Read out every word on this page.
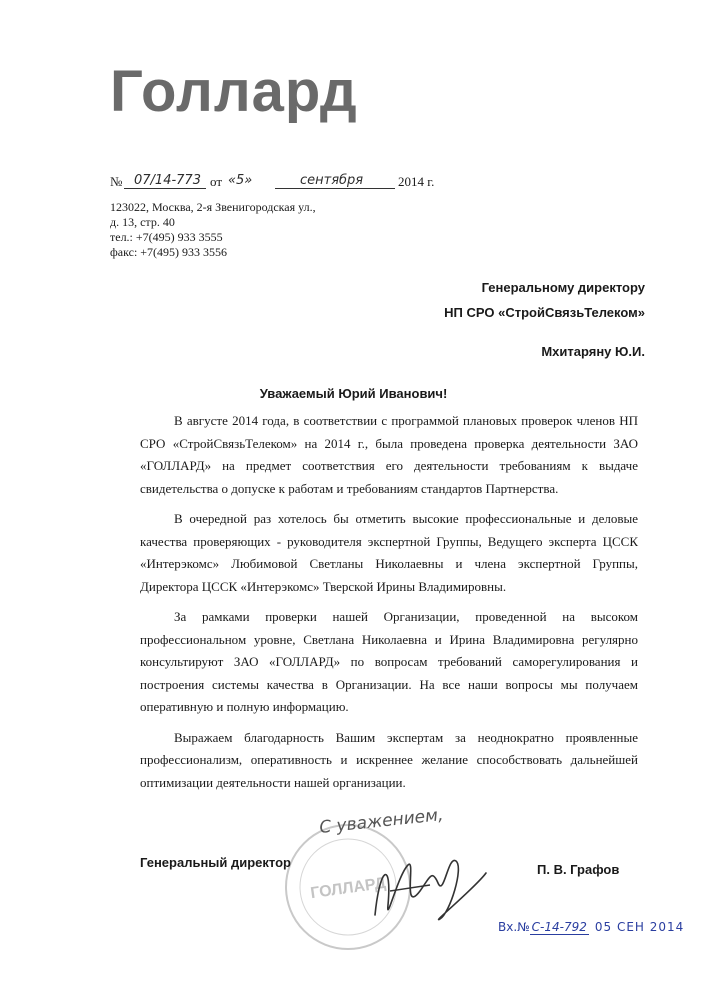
Голлард
№ 07/14-773 от «5»	сентября	2014 г.
123022, Москва, 2-я Звенигородская ул.,
д. 13, стр. 40
тел.: +7(495) 933 3555
факс: +7(495) 933 3556
Генеральному директору
НП СРО «СтройСвязьТелеком»
Мхитаряну Ю.И.
Уважаемый Юрий Иванович!

В августе 2014 года, в соответствии с программой плановых проверок членов НП СРО «СтройСвязьТелеком» на 2014 г., была проведена проверка деятельности ЗАО «ГОЛЛАРД» на предмет соответствия его деятельности требованиям к выдаче свидетельства о допуске к работам и требованиям стандартов Партнерства.

В очередной раз хотелось бы отметить высокие профессиональные и деловые качества проверяющих - руководителя экспертной Группы, Ведущего эксперта ЦССК «Интерэкомс» Любимовой Светланы Николаевны и члена экспертной Группы, Директора ЦССК «Интерэкомс» Тверской Ирины Владимировны.

За рамками проверки нашей Организации, проведенной на высоком профессиональном уровне, Светлана Николаевна и Ирина Владимировна регулярно консультируют ЗАО «ГОЛЛАРД» по вопросам требований саморегулирования и построения системы качества в Организации. На все наши вопросы мы получаем оперативную и полную информацию.

Выражаем благодарность Вашим экспертам за неоднократно проявленные профессионализм, оперативность и искреннее желание способствовать дальнейшей оптимизации деятельности нашей организации.

ГОЛЛАРД
С уважением,
Генеральный директор	П. В. Графов
Вх.№ С-14-792 05 СЕН 2014
